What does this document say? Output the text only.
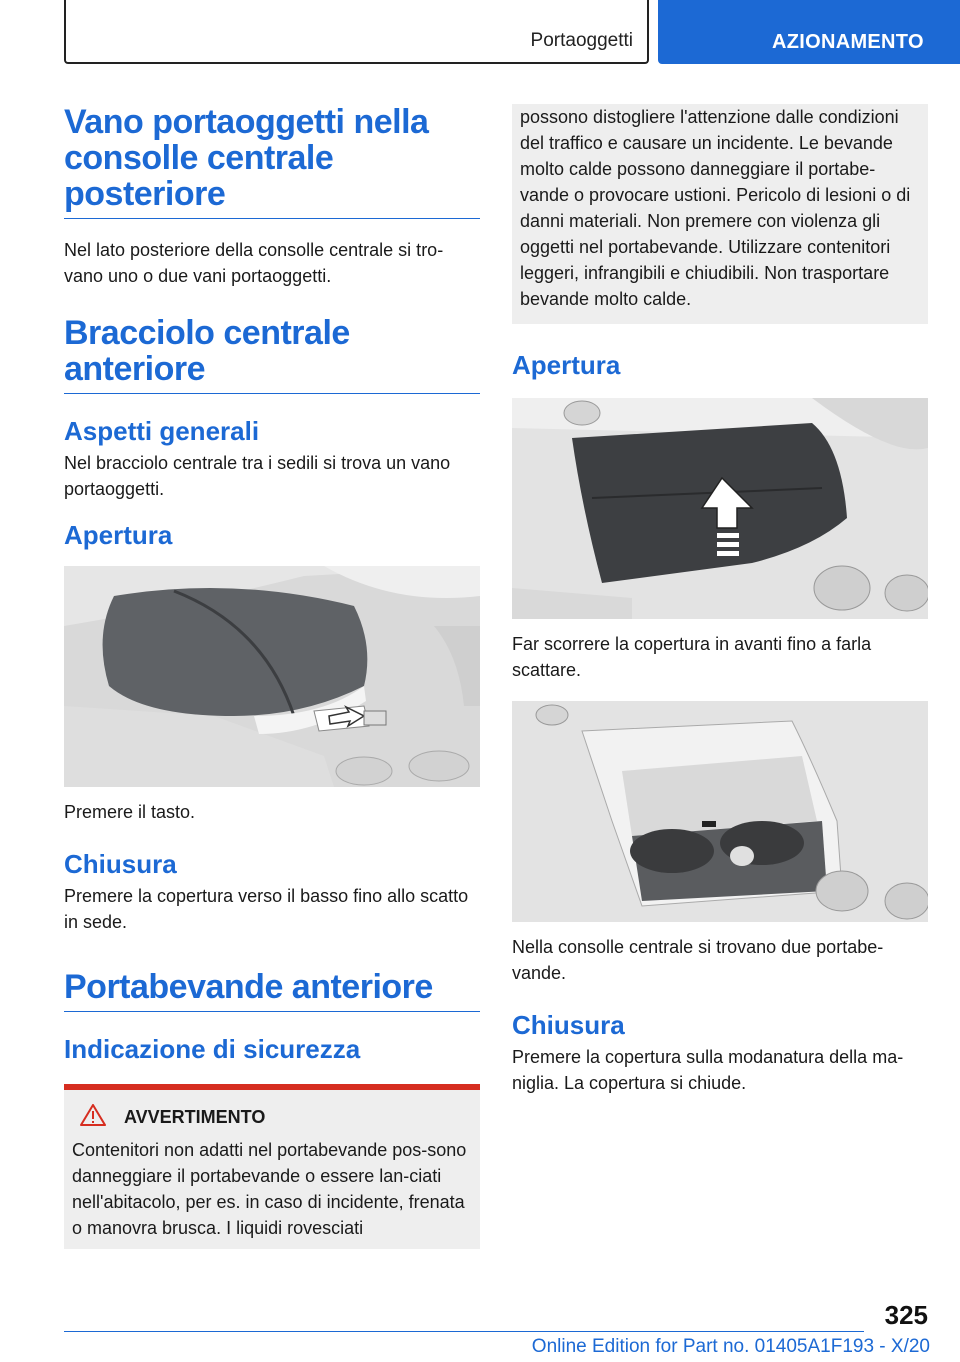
Portaoggetti	AZIONAMENTO
Vano portaoggetti nella consolle centrale posteriore

Nel lato posteriore della consolle centrale si tro-vano uno o due vani portaoggetti.

Bracciolo centrale anteriore
Aspetti generali

Nel bracciolo centrale tra i sedili si trova un vano portaoggetti.

Apertura

Premere il tasto.

Chiusura

Premere la copertura verso il basso fino allo scatto in sede.

Portabevande anteriore
Indicazione di sicurezza
AVVERTIMENTO

Contenitori non adatti nel portabevande pos-sono danneggiare il portabevande o essere lan-ciati nell'abitacolo, per es. in caso di incidente, frenata o manovra brusca. I liquidi rovesciati

possono distogliere l'attenzione dalle condizioni del traffico e causare un incidente. Le bevande molto calde possono danneggiare il portabe-vande o provocare ustioni. Pericolo di lesioni o di danni materiali. Non premere con violenza gli oggetti nel portabevande. Utilizzare contenitori leggeri, infrangibili e chiudibili. Non trasportare bevande molto calde.

Apertura

Far scorrere la copertura in avanti fino a farla scattare.

Nella consolle centrale si trovano due portabe-vande.

Chiusura

Premere la copertura sulla modanatura della ma-niglia. La copertura si chiude.

325
Online Edition for Part no. 01405A1F193 - X/20
